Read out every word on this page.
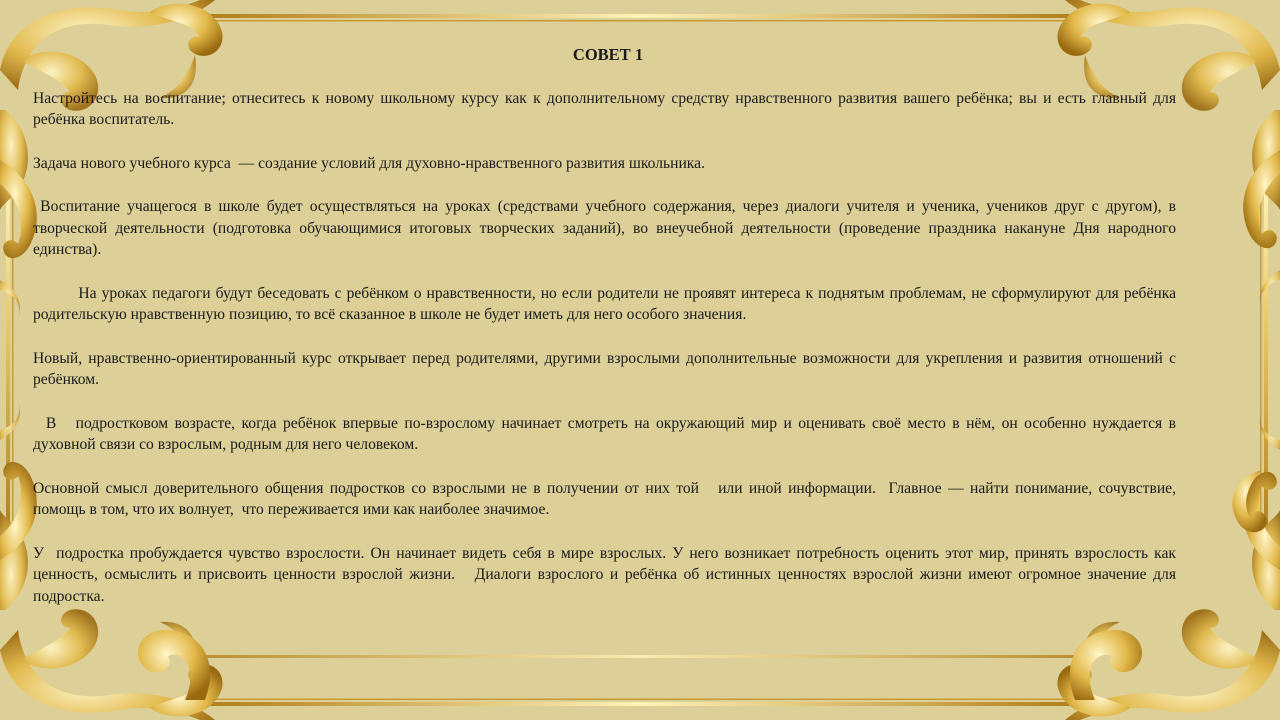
СОВЕТ 1

Настройтесь на воспитание; отнеситесь к новому школьному курсу как к дополнительному средству нравственного развития вашего ребёнка; вы и есть главный для ребёнка воспитатель.

Задача нового учебного курса  — создание условий для духовно-нравственного развития школьника.

Воспитание учащегося в школе будет осуществляться на уроках (средствами учебного содержания, через диалоги учителя и ученика, учеников друг с другом), в творческой деятельности (подготовка обучающимися итоговых творческих заданий), во внеучебной деятельности (проведение праздника накануне Дня народного единства).

На уроках педагоги будут беседовать с ребёнком о нравственности, но если родители не проявят интереса к поднятым проблемам, не сформулируют для ребёнка родительскую нравственную позицию, то всё сказанное в школе не будет иметь для него особого значения.

Новый, нравственно-ориентированный курс открывает перед родителями, другими взрослыми дополнительные возможности для укрепления и развития отношений с ребёнком.

В   подростковом возрасте, когда ребёнок впервые по-взрослому начинает смотреть на окружающий мир и оценивать своё место в нём, он особенно нуждается в духовной связи со взрослым, родным для него человеком.

Основной смысл доверительного общения подростков со взрослыми не в получении от них той   или иной информации.  Главное — найти понимание, сочувствие, помощь в том, что их волнует,  что переживается ими как наиболее значимое.

У  подростка пробуждается чувство взрослости. Он начинает видеть себя в мире взрослых. У него возникает потребность оценить этот мир, принять взрослость как ценность, осмыслить и присвоить ценности взрослой жизни.   Диалоги взрослого и ребёнка об истинных ценностях взрослой жизни имеют огромное значение для подростка.
